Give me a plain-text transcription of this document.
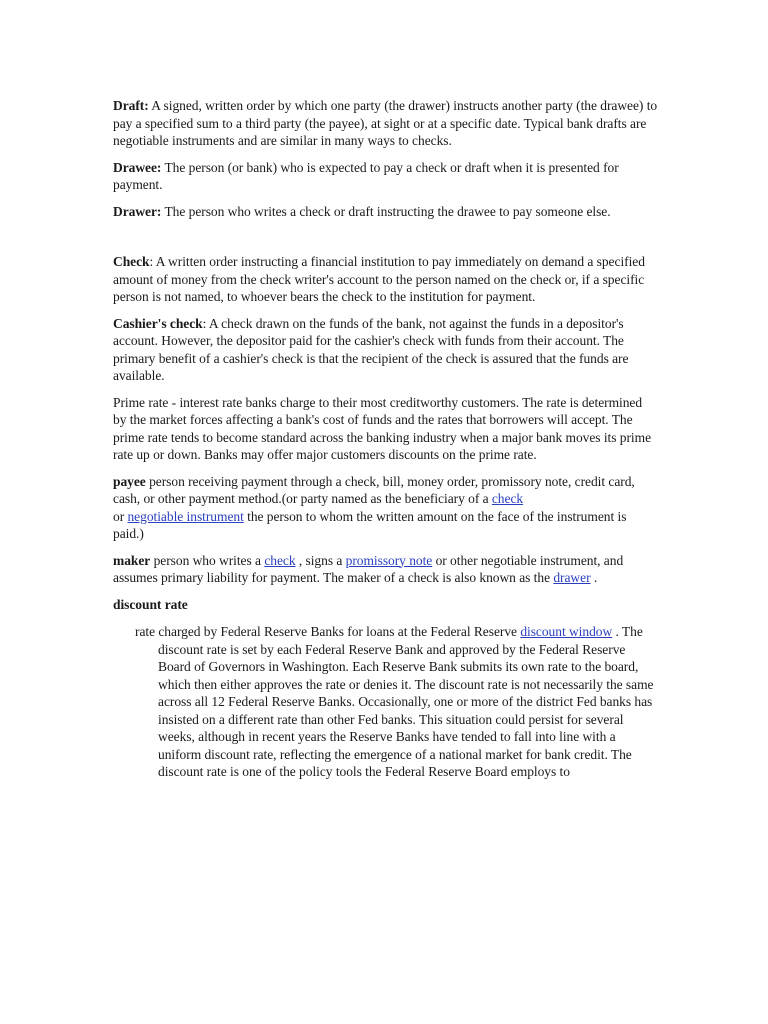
Draft: A signed, written order by which one party (the drawer) instructs another party (the drawee) to pay a specified sum to a third party (the payee), at sight or at a specific date. Typical bank drafts are negotiable instruments and are similar in many ways to checks.

Drawee: The person (or bank) who is expected to pay a check or draft when it is presented for payment.

Drawer: The person who writes a check or draft instructing the drawee to pay someone else.

Check: A written order instructing a financial institution to pay immediately on demand a specified amount of money from the check writer's account to the person named on the check or, if a specific person is not named, to whoever bears the check to the institution for payment.

Cashier's check: A check drawn on the funds of the bank, not against the funds in a depositor's account. However, the depositor paid for the cashier's check with funds from their account. The primary benefit of a cashier's check is that the recipient of the check is assured that the funds are available.

Prime rate - interest rate banks charge to their most creditworthy customers. The rate is determined by the market forces affecting a bank's cost of funds and the rates that borrowers will accept. The prime rate tends to become standard across the banking industry when a major bank moves its prime rate up or down. Banks may offer major customers discounts on the prime rate.

payee person receiving payment through a check, bill, money order, promissory note, credit card, cash, or other payment method.(or party named as the beneficiary of a check
or negotiable instrument the person to whom the written amount on the face of the instrument is paid.)

maker person who writes a check , signs a promissory note or other negotiable instrument, and assumes primary liability for payment. The maker of a check is also known as the drawer .

discount rate

rate charged by Federal Reserve Banks for loans at the Federal Reserve discount window . The discount rate is set by each Federal Reserve Bank and approved by the Federal Reserve Board of Governors in Washington. Each Reserve Bank submits its own rate to the board, which then either approves the rate or denies it. The discount rate is not necessarily the same across all 12 Federal Reserve Banks. Occasionally, one or more of the district Fed banks has insisted on a different rate than other Fed banks. This situation could persist for several weeks, although in recent years the Reserve Banks have tended to fall into line with a uniform discount rate, reflecting the emergence of a national market for bank credit. The discount rate is one of the policy tools the Federal Reserve Board employs to
